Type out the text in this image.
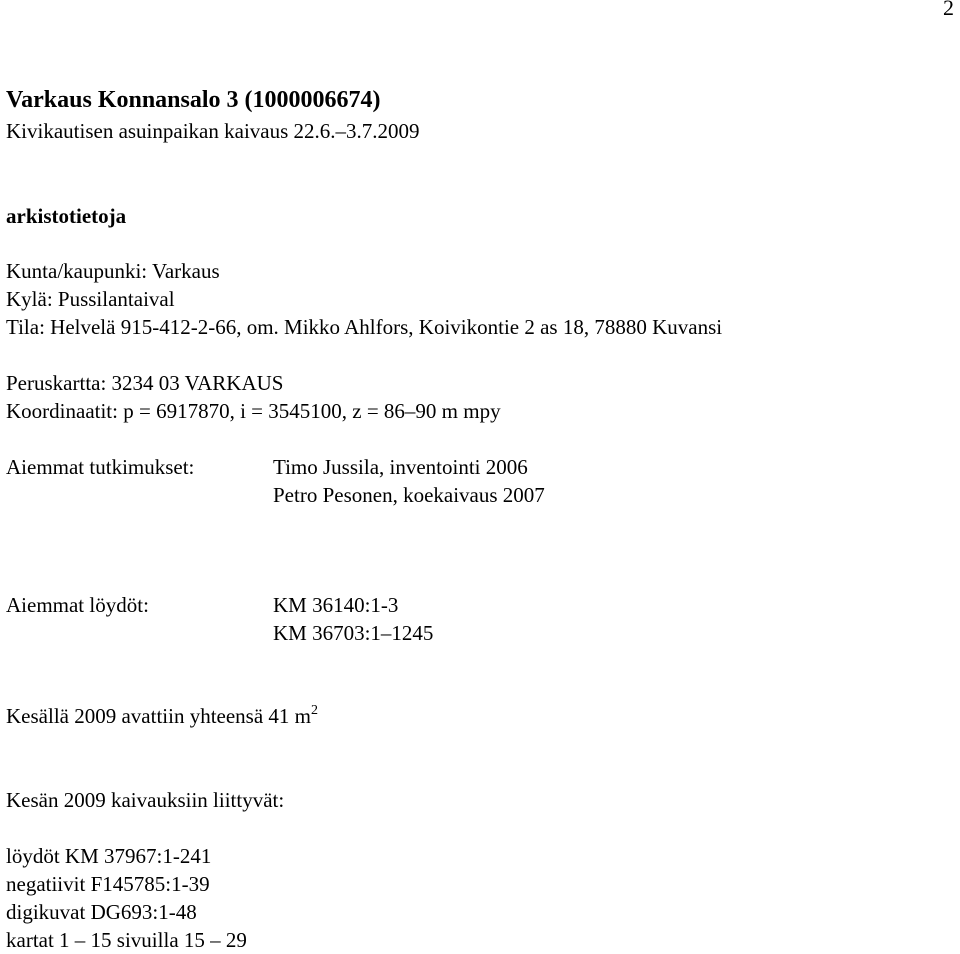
2
Varkaus Konnansalo 3 (1000006674)
Kivikautisen asuinpaikan kaivaus 22.6.–3.7.2009
arkistotietoja
Kunta/kaupunki: Varkaus
Kylä: Pussilantaival
Tila: Helvelä 915-412-2-66, om. Mikko Ahlfors, Koivikontie 2 as 18, 78880 Kuvansi
Peruskartta: 3234 03 VARKAUS
Koordinaatit: p = 6917870, i = 3545100, z = 86–90 m mpy
Aiemmat tutkimukset:	Timo Jussila, inventointi 2006
Petro Pesonen, koekaivaus 2007
Aiemmat löydöt:	KM 36140:1-3
KM 36703:1–1245
Kesällä 2009 avattiin yhteensä 41 $m^2$
Kesän 2009 kaivauksiin liittyvät:
löydöt KM 37967:1-241
negatiivit F145785:1-39
digikuvat DG693:1-48
kartat 1 – 15 sivuilla 15 – 29
